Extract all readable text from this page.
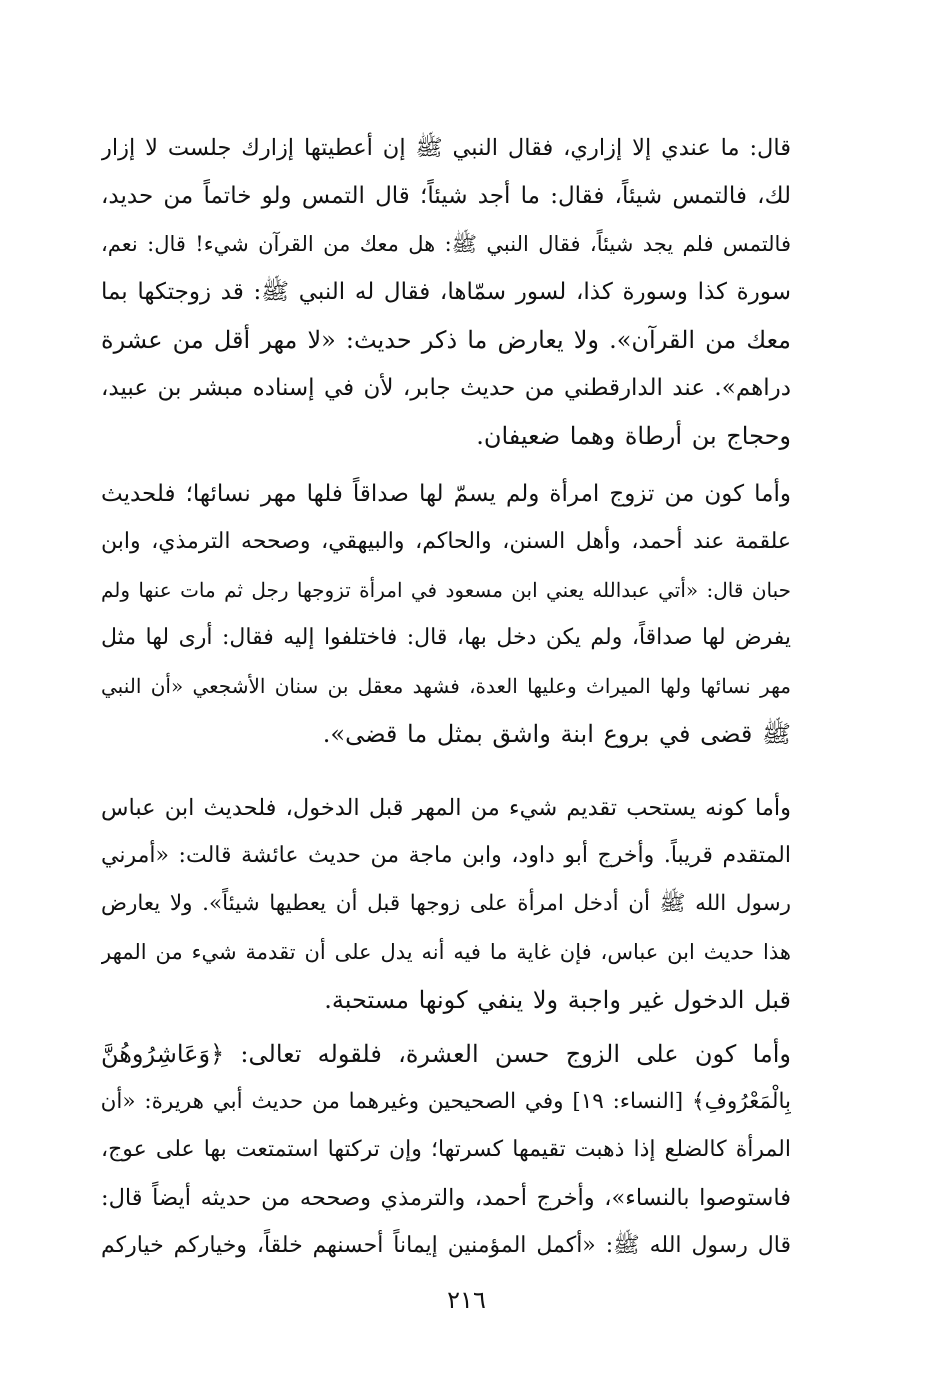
قال: ما عندي إلا إزاري، فقال النبي ﷺ إن أعطيتها إزارك جلست لا إزار
لك، فالتمس شيئاً، فقال: ما أجد شيئاً؛ قال التمس ولو خاتماً من حديد،
فالتمس فلم يجد شيئاً، فقال النبي ﷺ: هل معك من القرآن شيء! قال: نعم،
سورة كذا وسورة كذا، لسور سمّاها، فقال له النبي ﷺ: قد زوجتكها بما
معك من القرآن». ولا يعارض ما ذكر حديث: «لا مهر أقل من عشرة
دراهم». عند الدارقطني من حديث جابر، لأن في إسناده مبشر بن عبيد،
وحجاج بن أرطاة وهما ضعيفان.
وأما كون من تزوج امرأة ولم يسمّ لها صداقاً فلها مهر نسائها؛ فلحديث
علقمة عند أحمد، وأهل السنن، والحاكم، والبيهقي، وصححه الترمذي، وابن
حبان قال: «أتي عبدالله يعني ابن مسعود في امرأة تزوجها رجل ثم مات عنها ولم
يفرض لها صداقاً، ولم يكن دخل بها، قال: فاختلفوا إليه فقال: أرى لها مثل
مهر نسائها ولها الميراث وعليها العدة، فشهد معقل بن سنان الأشجعي «أن النبي
ﷺ قضى في بروع ابنة واشق بمثل ما قضى».
وأما كونه يستحب تقديم شيء من المهر قبل الدخول، فلحديث ابن عباس
المتقدم قريباً. وأخرج أبو داود، وابن ماجة من حديث عائشة قالت: «أمرني
رسول الله ﷺ أن أدخل امرأة على زوجها قبل أن يعطيها شيئاً». ولا يعارض
هذا حديث ابن عباس، فإن غاية ما فيه أنه يدل على أن تقدمة شيء من المهر
قبل الدخول غير واجبة ولا ينفي كونها مستحبة.
وأما كون على الزوج حسن العشرة، فلقوله تعالى: ﴿وَعَاشِرُوهُنَّ
بِالْمَعْرُوفِ﴾ [النساء: ١٩] وفي الصحيحين وغيرهما من حديث أبي هريرة: «أن
المرأة كالضلع إذا ذهبت تقيمها كسرتها؛ وإن تركتها استمتعت بها على عوج،
فاستوصوا بالنساء»، وأخرج أحمد، والترمذي وصححه من حديثه أيضاً قال:
قال رسول الله ﷺ: «أكمل المؤمنين إيماناً أحسنهم خلقاً، وخياركم خياركم
٢١٦
